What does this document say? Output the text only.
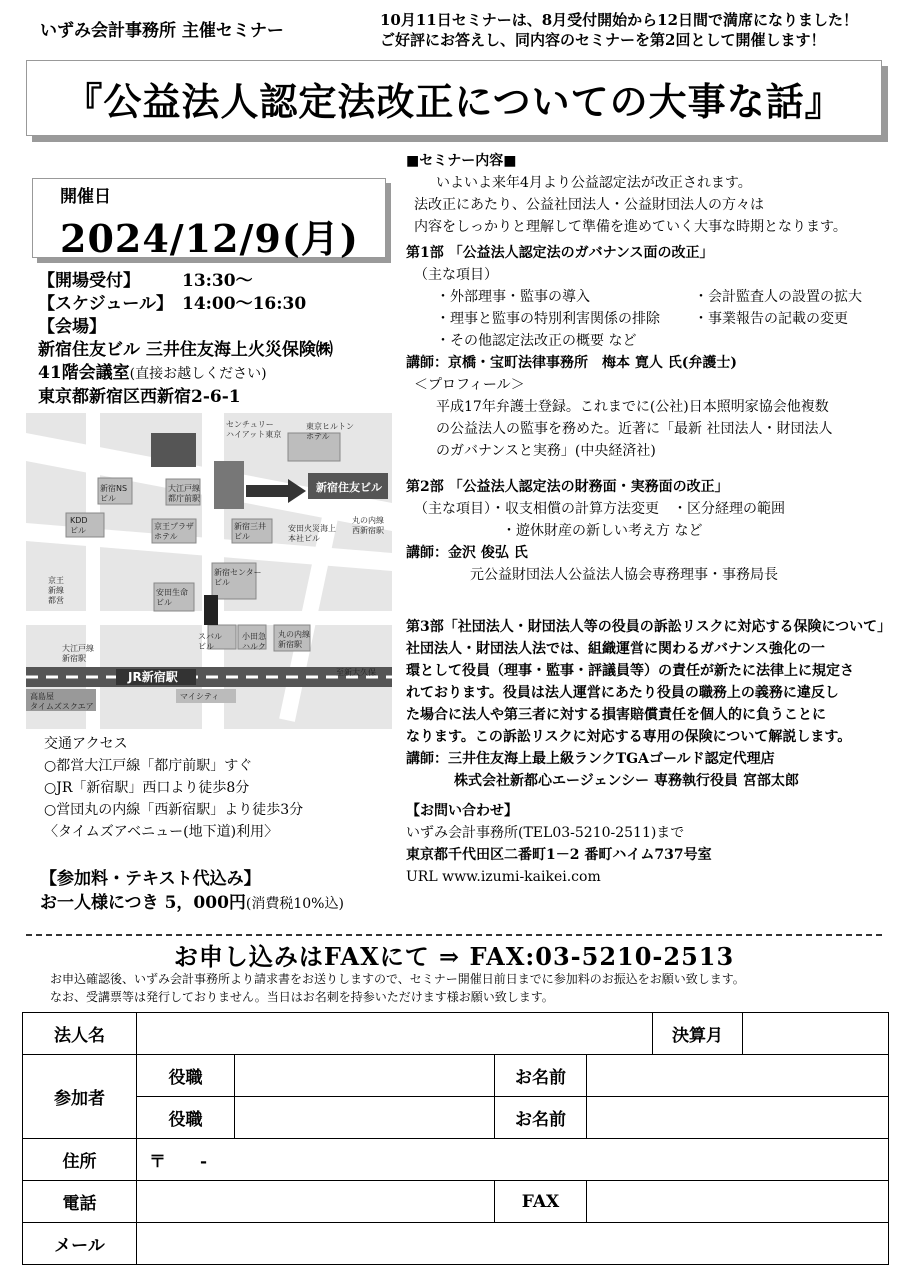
いずみ会計事務所 主催セミナー
10月11日セミナーは、8月受付開始から12日間で満席になりました！
ご好評にお答えし、同内容のセミナーを第2回として開催します！
『公益法人認定法改正についての大事な話』
開催日
2024/12/9(月)
【開場受付】 13:30～
【スケジュール】 14:00～16:30
【会場】
新宿住友ビル 三井住友海上火災保険㈱
41階会議室(直接お越しください)
東京都新宿区西新宿2-6-1
センチュリー
ハイアット東京
東京ヒルトン
ホテル
新宿住友ビル
新宿NS
ビル
大江戸線
都庁前駅
KDD
ビル	京王プラザ
ホテル
新宿三井
ビル
安田火災海上
本社ビル
丸の内線
西新宿駅
京王
新線
都営
新宿センター
ビル
安田生命
ビル
スバル
ビル
小田急
ハルク
丸の内線
新宿駅
大江戸線
新宿駅
JR新宿駅	至新大久保
高島屋
タイムズスクエア
マイシティ
交通アクセス
○都営大江戸線「都庁前駅」すぐ
○JR「新宿駅」西口より徒歩8分
○営団丸の内線「西新宿駅」より徒歩3分
〈タイムズアベニュー(地下道)利用〉
【参加料・テキスト代込み】
お一人様につき 5，000円(消費税10%込)

■セミナー内容■

いよいよ来年4月より公益認定法が改正されます。

法改正にあたり、公益社団法人・公益財団法人の方々は

内容をしっかりと理解して準備を進めていく大事な時期となります。

第1部 「公益法人認定法のガバナンス面の改正」

（主な項目）

・外部理事・監事の導入	・会計監査人の設置の拡大

・理事と監事の特別利害関係の排除 ・事業報告の記載の変更

・その他認定法改正の概要 など

講師：京橋・宝町法律事務所　梅本 寛人 氏(弁護士)

＜プロフィール＞

平成17年弁護士登録。これまでに(公社)日本照明家協会他複数

の公益法人の監事を務めた。近著に「最新 社団法人・財団法人

のガバナンスと実務」(中央経済社)

第2部 「公益法人認定法の財務面・実務面の改正」

（主な項目）・収支相償の計算方法変更　・区分経理の範囲

・遊休財産の新しい考え方 など

講師：金沢 俊弘 氏

元公益財団法人公益法人協会専務理事・事務局長

第3部「社団法人・財団法人等の役員の訴訟リスクに対応する保険について」

社団法人・財団法人法では、組織運営に関わるガバナンス強化の一

環として役員（理事・監事・評議員等）の責任が新たに法律上に規定さ

れております。役員は法人運営にあたり役員の職務上の義務に違反し

た場合に法人や第三者に対する損害賠償責任を個人的に負うことに

なります。この訴訟リスクに対応する専用の保険について解説します。

講師：三井住友海上最上級ランクTGAゴールド認定代理店

株式会社新都心エージェンシー 専務執行役員 宮部太郎

【お問い合わせ】

いずみ会計事務所(TEL03-5210-2511)まで

東京都千代田区二番町1－2 番町ハイム737号室

URL www.izumi-kaikei.com

お申し込みはFAXにて ⇒ FAX:03-5210-2513
お申込確認後、いずみ会計事務所より請求書をお送りしますので、セミナー開催日前日までに参加料のお振込をお願い致します。
なお、受講票等は発行しておりません。当日はお名刺を持参いただけます様お願い致します。
法人名					決算月	
参加者	役職		お名前			
	役職		お名前			
住所	〒　　-					
電話			FAX			
メール						
